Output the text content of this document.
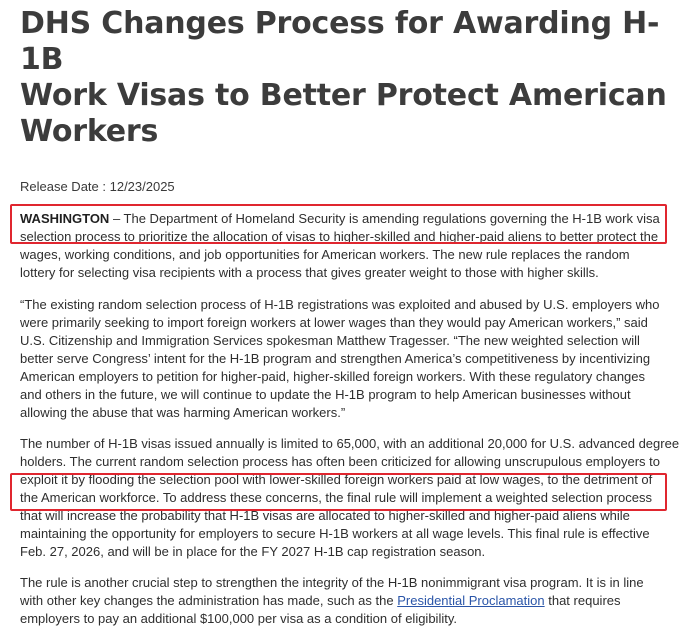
DHS Changes Process for Awarding H-1B
Work Visas to Better Protect American
Workers

Release Date : 12/23/2025

WASHINGTON – The Department of Homeland Security is amending regulations governing the H-1B work visa
selection process to prioritize the allocation of visas to higher-skilled and higher-paid aliens to better protect the
wages, working conditions, and job opportunities for American workers. The new rule replaces the random
lottery for selecting visa recipients with a process that gives greater weight to those with higher skills.

“The existing random selection process of H-1B registrations was exploited and abused by U.S. employers who
were primarily seeking to import foreign workers at lower wages than they would pay American workers,” said
U.S. Citizenship and Immigration Services spokesman Matthew Tragesser. “The new weighted selection will
better serve Congress’ intent for the H-1B program and strengthen America’s competitiveness by incentivizing
American employers to petition for higher-paid, higher-skilled foreign workers. With these regulatory changes
and others in the future, we will continue to update the H-1B program to help American businesses without
allowing the abuse that was harming American workers.”

The number of H-1B visas issued annually is limited to 65,000, with an additional 20,000 for U.S. advanced degree
holders. The current random selection process has often been criticized for allowing unscrupulous employers to
exploit it by flooding the selection pool with lower-skilled foreign workers paid at low wages, to the detriment of
the American workforce. To address these concerns, the final rule will implement a weighted selection process
that will increase the probability that H-1B visas are allocated to higher-skilled and higher-paid aliens while
maintaining the opportunity for employers to secure H-1B workers at all wage levels. This final rule is effective
Feb. 27, 2026, and will be in place for the FY 2027 H-1B cap registration season.

The rule is another crucial step to strengthen the integrity of the H-1B nonimmigrant visa program. It is in line
with other key changes the administration has made, such as the Presidential Proclamation that requires
employers to pay an additional $100,000 per visa as a condition of eligibility.
